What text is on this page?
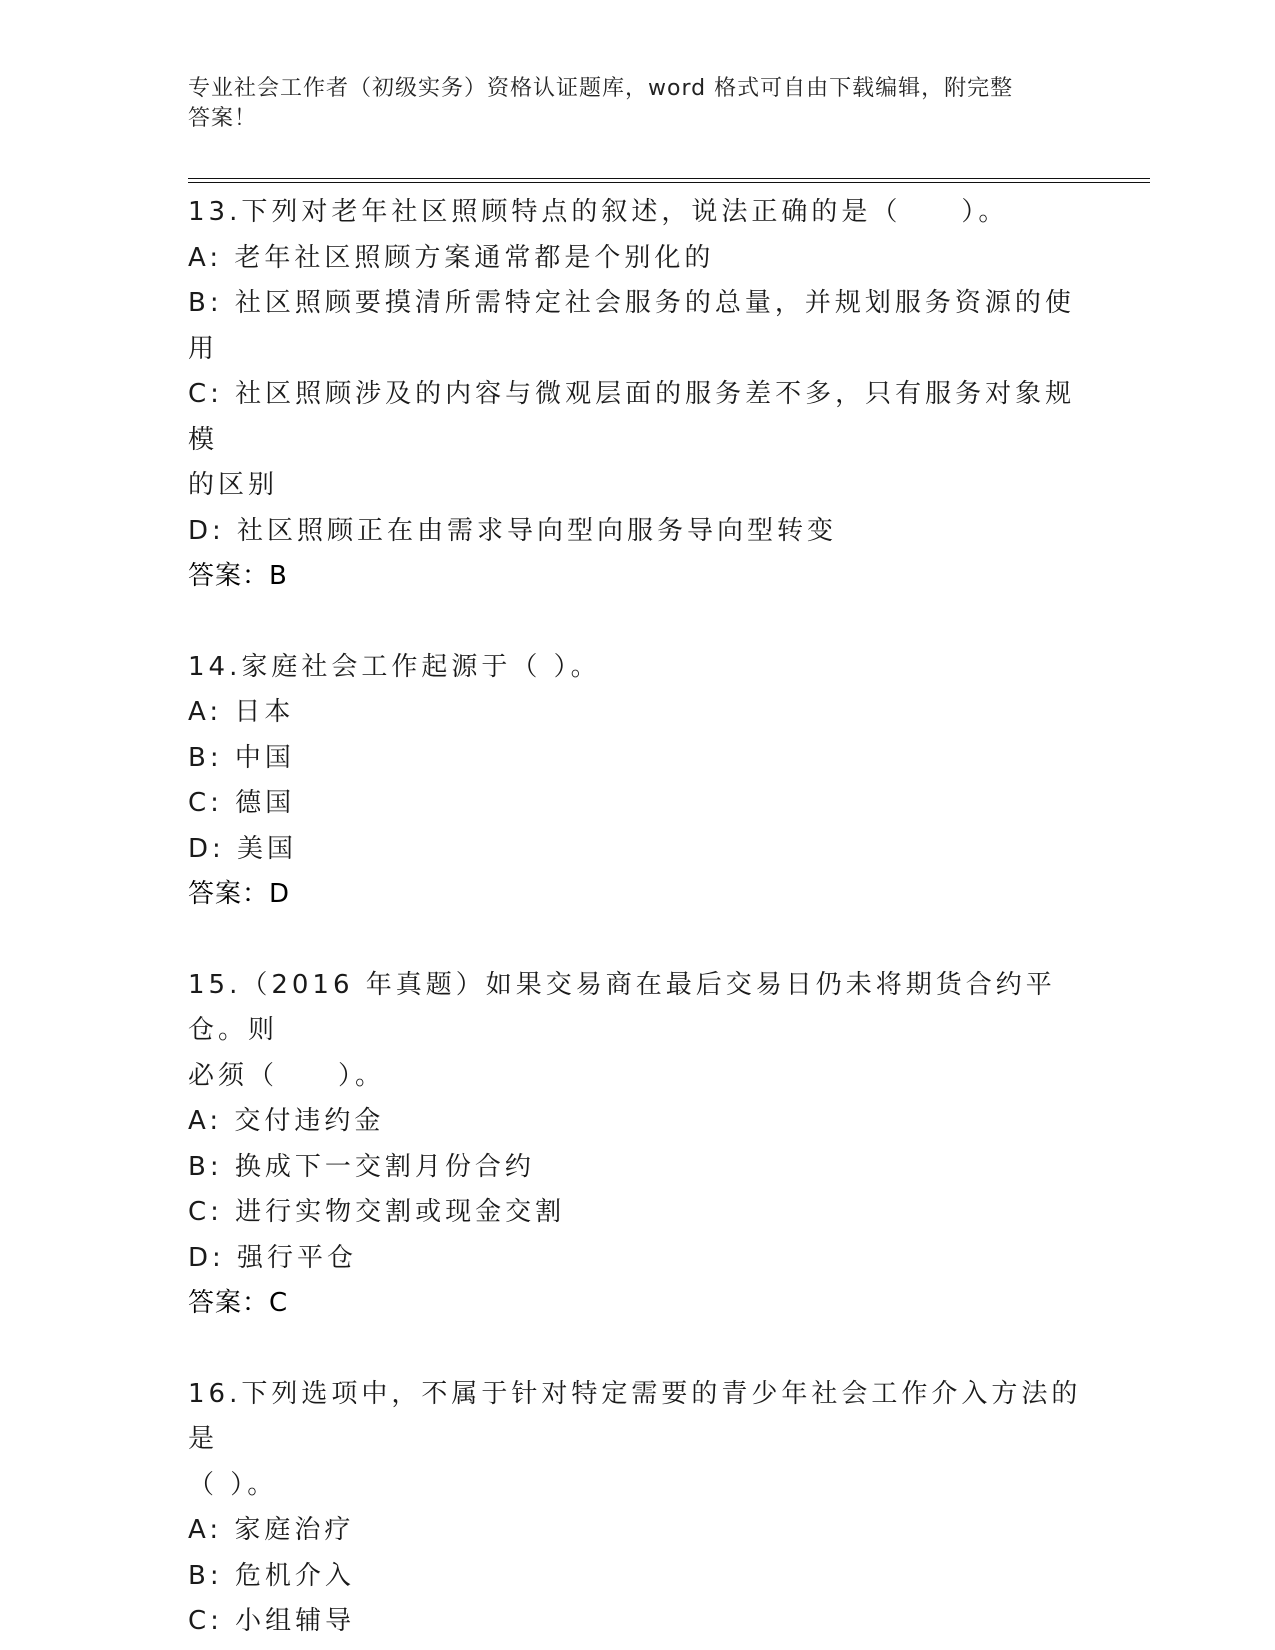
专业社会工作者（初级实务）资格认证题库，word 格式可自由下载编辑，附完整
答案！

13.下列对老年社区照顾特点的叙述，说法正确的是（　　）。

A: 老年社区照顾方案通常都是个别化的

B: 社区照顾要摸清所需特定社会服务的总量，并规划服务资源的使用

C: 社区照顾涉及的内容与微观层面的服务差不多，只有服务对象规模

的区别

D: 社区照顾正在由需求导向型向服务导向型转变

答案：B

14.家庭社会工作起源于（ ）。

A: 日本

B: 中国

C: 德国

D: 美国

答案：D

15.（2016 年真题）如果交易商在最后交易日仍未将期货合约平仓。则

必须（　　）。

A: 交付违约金

B: 换成下一交割月份合约

C: 进行实物交割或现金交割

D: 强行平仓

答案：C

16.下列选项中，不属于针对特定需要的青少年社会工作介入方法的是

（ ）。

A: 家庭治疗

B: 危机介入

C: 小组辅导
